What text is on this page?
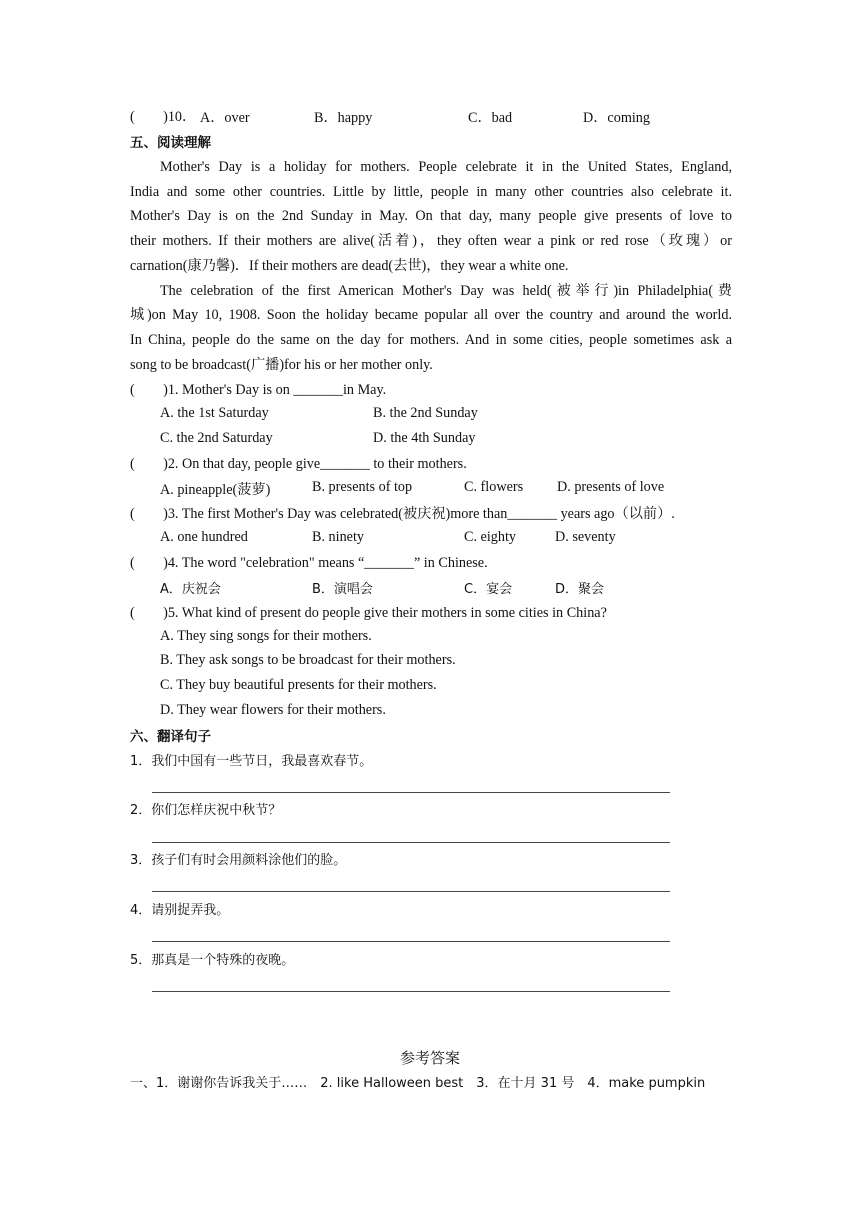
(　　)10． A．over	B．happy	C．bad	D．coming
五、阅读理解
Mother's Day is a holiday for mothers. People celebrate it in the United States, England,
India and some other countries. Little by little, people in many other countries also celebrate it.
Mother's Day is on the 2nd Sunday in May. On that day, many people give presents of love to
their mothers. If their mothers are alive(活着)，they often wear a pink or red rose（玫瑰）or
carnation(康乃馨)．If their mothers are dead(去世)，they wear a white one.
The celebration of the first American Mother's Day was held(被举行)in Philadelphia(费
城)on May 10, 1908. Soon the holiday became popular all over the country and around the world.
In China, people do the same on the day for mothers. And in some cities, people sometimes ask a
song to be broadcast(广播)for his or her mother only.
(　　)1. Mother's Day is on _______in May.
A. the 1st Saturday	B. the 2nd Sunday
C. the 2nd Saturday	D. the 4th Sunday
(　　)2. On that day, people give_______ to their mothers.
A. pineapple(菠萝)	B. presents of top	C. flowers D. presents of love
(　　)3. The first Mother's Day was celebrated(被庆祝)more than_______ years ago（以前）.
A. one hundred	B. ninety	C. eighty	D. seventy
(　　)4. The word "celebration" means “_______” in Chinese.
A．庆祝会	B．演唱会	C．宴会	D．聚会
(　　)5. What kind of present do people give their mothers in some cities in China?
A. They sing songs for their mothers.
B. They ask songs to be broadcast for their mothers.
C. They buy beautiful presents for their mothers.
D. They wear flowers for their mothers.
六、翻译句子
1．我们中国有一些节日，我最喜欢春节。
2．你们怎样庆祝中秋节？
3．孩子们有时会用颜料涂他们的脸。
4．请别捉弄我。
5．那真是一个特殊的夜晚。
参考答案
一、1．谢谢你告诉我关于……　2. like Halloween best　3．在十月 31 号　4．make pumpkin
